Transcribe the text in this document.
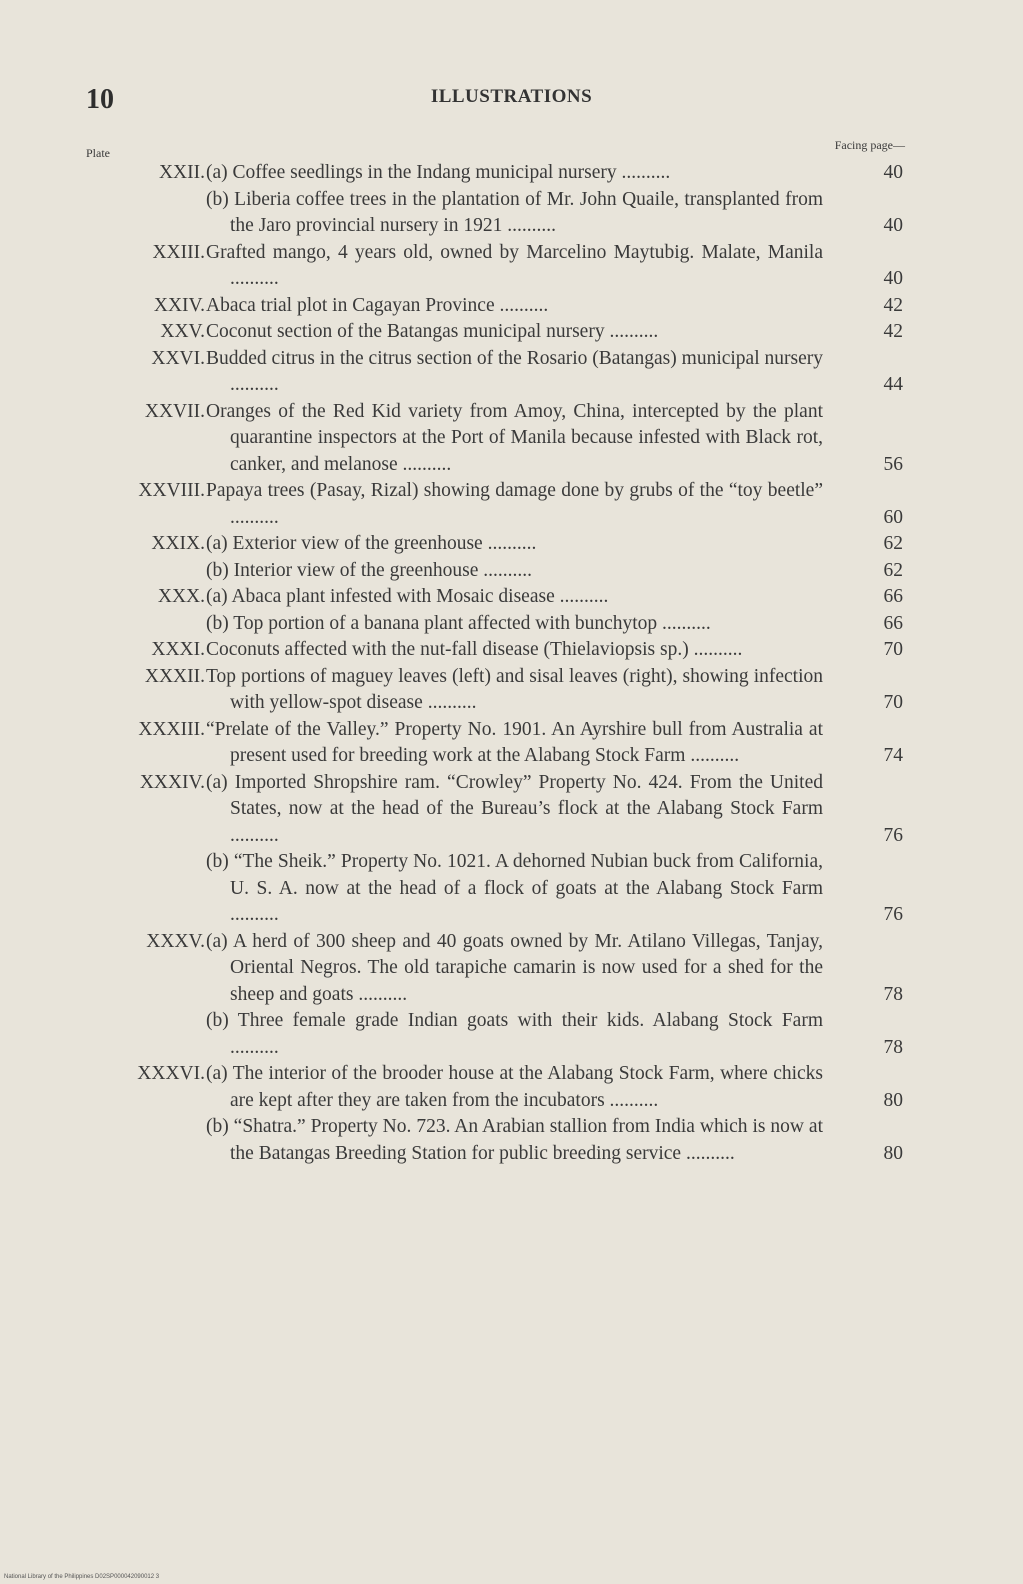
10	ILLUSTRATIONS
Plate
Facing page—
XXII. (a) Coffee seedlings in the Indang municipal nursery ..........	40
(b) Liberia coffee trees in the plantation of Mr. John Quaile, transplanted from the Jaro provincial nursery in 1921 ..........	40
XXIII. Grafted mango, 4 years old, owned by Marcelino Maytubig. Malate, Manila ..........	40
XXIV. Abaca trial plot in Cagayan Province ..........	42
XXV. Coconut section of the Batangas municipal nursery ..........	42
XXVI. Budded citrus in the citrus section of the Rosario (Batangas) municipal nursery ..........	44
XXVII. Oranges of the Red Kid variety from Amoy, China, intercepted by the plant quarantine inspectors at the Port of Manila because infested with Black rot, canker, and melanose ..........	56
XXVIII. Papaya trees (Pasay, Rizal) showing damage done by grubs of the “toy beetle” ..........	60
XXIX. (a) Exterior view of the greenhouse ..........	62
(b) Interior view of the greenhouse ..........	62
XXX. (a) Abaca plant infested with Mosaic disease ..........	66
(b) Top portion of a banana plant affected with bunchytop ..........	66
XXXI. Coconuts affected with the nut-fall disease (Thielaviopsis sp.) ..........	70
XXXII. Top portions of maguey leaves (left) and sisal leaves (right), showing infection with yellow-spot disease ..........	70
XXXIII. “Prelate of the Valley.” Property No. 1901. An Ayrshire bull from Australia at present used for breeding work at the Alabang Stock Farm ..........	74
XXXIV. (a) Imported Shropshire ram. “Crowley” Property No. 424. From the United States, now at the head of the Bureau’s flock at the Alabang Stock Farm ..........	76
(b) “The Sheik.” Property No. 1021. A dehorned Nubian buck from California, U. S. A. now at the head of a flock of goats at the Alabang Stock Farm ..........	76
XXXV. (a) A herd of 300 sheep and 40 goats owned by Mr. Atilano Villegas, Tanjay, Oriental Negros. The old tarapiche camarin is now used for a shed for the sheep and goats ..........	78
(b) Three female grade Indian goats with their kids. Alabang Stock Farm ..........	78
XXXVI. (a) The interior of the brooder house at the Alabang Stock Farm, where chicks are kept after they are taken from the incubators ..........	80
(b) “Shatra.” Property No. 723. An Arabian stallion from India which is now at the Batangas Breeding Station for public breeding service ..........	80
National Library of the Philippines D02SP000042090012 3
